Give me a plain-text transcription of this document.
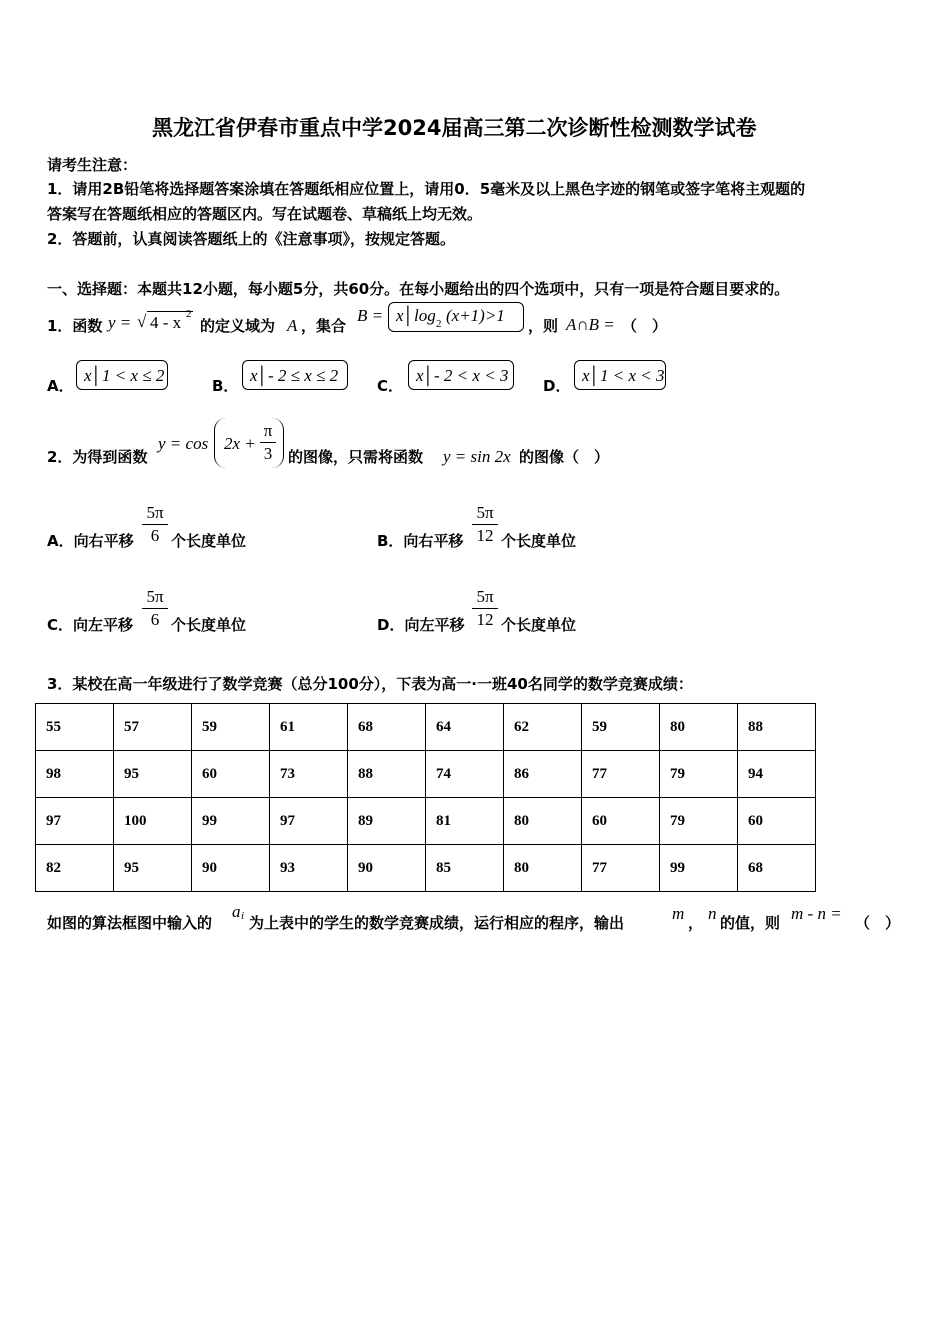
黑龙江省伊春市重点中学2024届高三第二次诊断性检测数学试卷
请考生注意：
1．请用2B铅笔将选择题答案涂填在答题纸相应位置上，请用0．5毫米及以上黑色字迹的钢笔或签字笔将主观题的
答案写在答题纸相应的答题区内。写在试题卷、草稿纸上均无效。
2．答题前，认真阅读答题纸上的《注意事项》，按规定答题。
一、选择题：本题共12小题，每小题5分，共60分。在每小题给出的四个选项中，只有一项是符合题目要求的。
1．函数 y = √ 4 - x 2
的定义域为 A ，集合
B = x│log 2 (x+1)>1
，则 A∩B = （　）
A．
x│1 < x ≤ 2
B．
x│- 2 ≤ x ≤ 2
C．
x│- 2 < x < 3
D．
x│1 < x < 3
2．为得到函数
y = cos 2x +
π
3 的图像，只需将函数 y = sin 2x 的图像（　）
A．向右平移
5π
6 个长度单位	B．向右平移
5π
12 个长度单位
C．向左平移
5π
6 个长度单位	D．向左平移
5π
12 个长度单位
3．某校在高一年级进行了数学竞赛（总分100分），下表为高一·一班40名同学的数学竞赛成绩：
55	57	59	61	68	64	62	59	80	88
98	95	60	73	88	74	86	77	79	94
97	100	99	97	89	81	80	60	79	60
82	95	90	93	90	85	80	77	99	68
如图的算法框图中输入的
a i 为上表中的学生的数学竞赛成绩，运行相应的程序，输出	m ， n 的值，则 m - n = （　）
